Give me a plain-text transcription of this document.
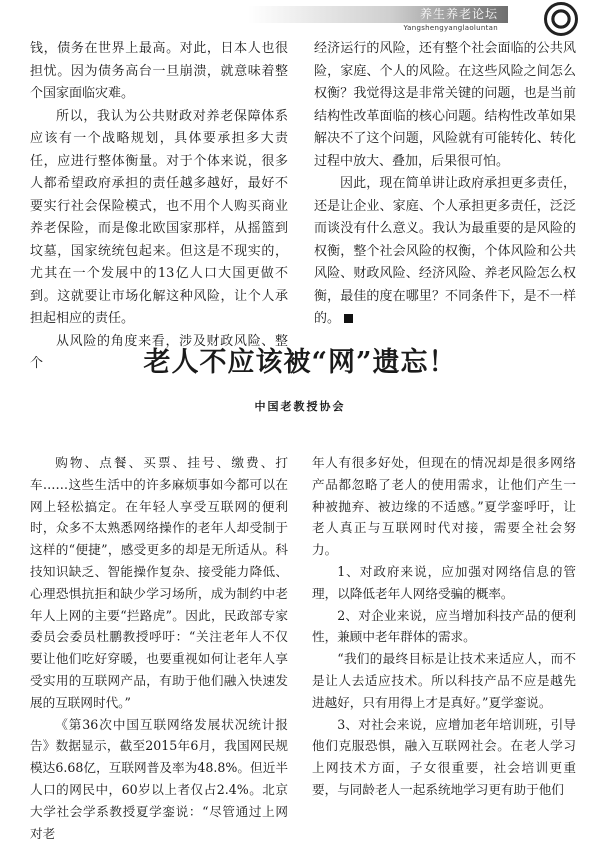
养生养老论坛
Yangshengyanglaoluntan

钱，债务在世界上最高。对此，日本人也很担忧。因为债务高台一旦崩溃，就意味着整个国家面临灾难。

所以，我认为公共财政对养老保障体系应该有一个战略规划，具体要承担多大责任，应进行整体衡量。对于个体来说，很多人都希望政府承担的责任越多越好，最好不要实行社会保险模式，也不用个人购买商业养老保险，而是像北欧国家那样，从摇篮到坟墓，国家统统包起来。但这是不现实的，尤其在一个发展中的13亿人口大国更做不到。这就要让市场化解这种风险，让个人承担起相应的责任。

从风险的角度来看，涉及财政风险、整个

经济运行的风险，还有整个社会面临的公共风险，家庭、个人的风险。在这些风险之间怎么权衡？我觉得这是非常关键的问题，也是当前结构性改革面临的核心问题。结构性改革如果解决不了这个问题，风险就有可能转化、转化过程中放大、叠加，后果很可怕。

因此，现在简单讲让政府承担更多责任，还是让企业、家庭、个人承担更多责任，泛泛而谈没有什么意义。我认为最重要的是风险的权衡，整个社会风险的权衡，个体风险和公共风险、财政风险、经济风险、养老风险怎么权衡，最佳的度在哪里？不同条件下，是不一样的。

老人不应该被“网”遗忘！
中国老教授协会

购物、点餐、买票、挂号、缴费、打车……这些生活中的许多麻烦事如今都可以在网上轻松搞定。在年轻人享受互联网的便利时，众多不太熟悉网络操作的老年人却受制于这样的“便捷”，感受更多的却是无所适从。科技知识缺乏、智能操作复杂、接受能力降低、心理恐惧抗拒和缺少学习场所，成为制约中老年人上网的主要“拦路虎”。因此，民政部专家委员会委员杜鹏教授呼吁：“关注老年人不仅要让他们吃好穿暖，也要重视如何让老年人享受实用的互联网产品，有助于他们融入快速发展的互联网时代。”

《第36次中国互联网络发展状况统计报告》数据显示，截至2015年6月，我国网民规模达6.68亿，互联网普及率为48.8%。但近半人口的网民中，60岁以上者仅占2.4%。北京大学社会学系教授夏学銮说：“尽管通过上网对老

年人有很多好处，但现在的情况却是很多网络产品都忽略了老人的使用需求，让他们产生一种被抛弃、被边缘的不适感。”夏学銮呼吁，让老人真正与互联网时代对接，需要全社会努力。

1、对政府来说，应加强对网络信息的管理，以降低老年人网络受骗的概率。

2、对企业来说，应当增加科技产品的便利性，兼顾中老年群体的需求。

“我们的最终目标是让技术来适应人，而不是让人去适应技术。所以科技产品不应是越先进越好，只有用得上才是真好。”夏学銮说。

3、对社会来说，应增加老年培训班，引导他们克服恐惧，融入互联网社会。在老人学习上网技术方面，子女很重要，社会培训更重要，与同龄老人一起系统地学习更有助于他们
